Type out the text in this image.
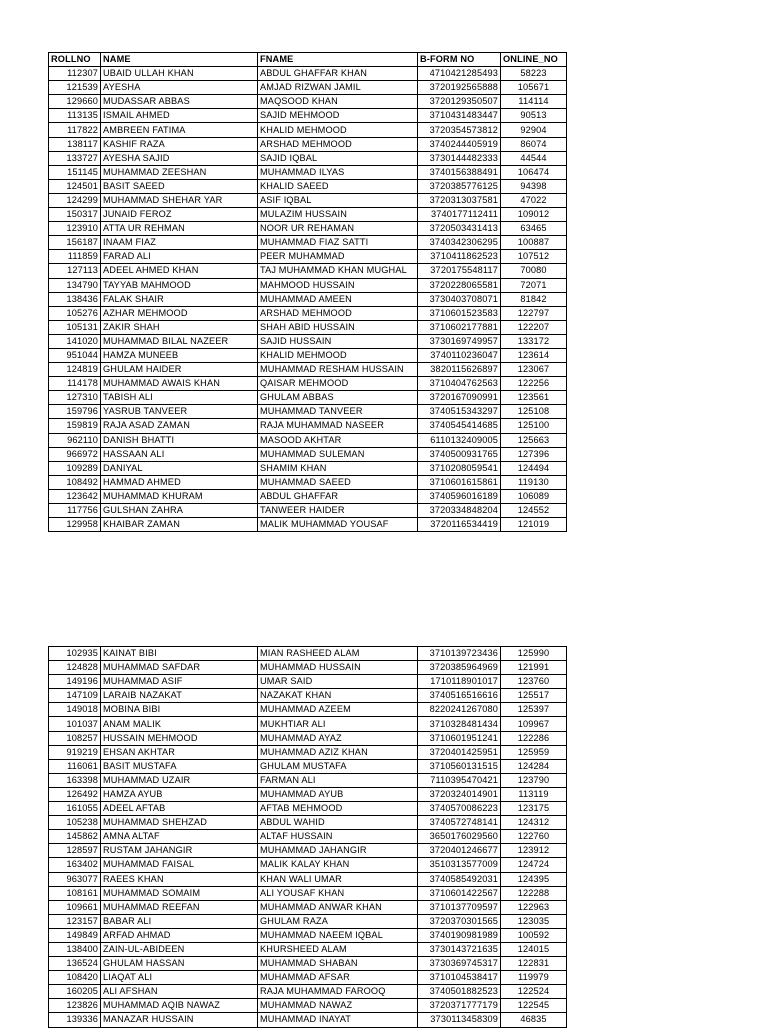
ROLLNO	NAME	FNAME	B-FORM NO	ONLINE_NO
112307	UBAID ULLAH KHAN	ABDUL GHAFFAR KHAN	4710421285493	58223
121539	AYESHA	AMJAD RIZWAN JAMIL	3720192565888	105671
129660	MUDASSAR ABBAS	MAQSOOD KHAN	3720129350507	114114
113135	ISMAIL AHMED	SAJID MEHMOOD	3710431483447	90513
117822	AMBREEN FATIMA	KHALID MEHMOOD	3720354573812	92904
138117	KASHIF RAZA	ARSHAD MEHMOOD	3740244405919	86074
133727	AYESHA SAJID	SAJID IQBAL	3730144482333	44544
151145	MUHAMMAD ZEESHAN	MUHAMMAD ILYAS	3740156388491	106474
124501	BASIT SAEED	KHALID SAEED	3720385776125	94398
124299	MUHAMMAD SHEHAR YAR	ASIF IQBAL	3720313037581	47022
150317	JUNAID FEROZ	MULAZIM HUSSAIN	3740177112411	109012
123910	ATTA UR REHMAN	NOOR UR REHAMAN	3720503431413	63465
156187	INAAM FIAZ	MUHAMMAD FIAZ SATTI	3740342306295	100887
111859	FARAD ALI	PEER MUHAMMAD	3710411862523	107512
127113	ADEEL AHMED KHAN	TAJ MUHAMMAD KHAN MUGHAL	3720175548117	70080
134790	TAYYAB MAHMOOD	MAHMOOD HUSSAIN	3720228065581	72071
138436	FALAK SHAIR	MUHAMMAD AMEEN	3730403708071	81842
105276	AZHAR MEHMOOD	ARSHAD MEHMOOD	3710601523583	122797
105131	ZAKIR SHAH	SHAH ABID HUSSAIN	3710602177881	122207
141020	MUHAMMAD BILAL NAZEER	SAJID HUSSAIN	3730169749957	133172
951044	HAMZA MUNEEB	KHALID MEHMOOD	3740110236047	123614
124819	GHULAM HAIDER	MUHAMMAD RESHAM HUSSAIN	3820115626897	123067
114178	MUHAMMAD AWAIS KHAN	QAISAR MEHMOOD	3710404762563	122256
127310	TABISH ALI	GHULAM ABBAS	3720167090991	123561
159796	YASRUB TANVEER	MUHAMMAD TANVEER	3740515343297	125108
159819	RAJA ASAD ZAMAN	RAJA MUHAMMAD NASEER	3740545414685	125100
962110	DANISH BHATTI	MASOOD AKHTAR	6110132409005	125663
966972	HASSAAN ALI	MUHAMMAD SULEMAN	3740500931765	127396
109289	DANIYAL	SHAMIM KHAN	3710208059541	124494
108492	HAMMAD AHMED	MUHAMMAD SAEED	3710601615861	119130
123642	MUHAMMAD KHURAM	ABDUL GHAFFAR	3740596016189	106089
117756	GULSHAN ZAHRA	TANWEER HAIDER	3720334848204	124552
129958	KHAIBAR ZAMAN	MALIK MUHAMMAD YOUSAF	3720116534419	121019
102935	KAINAT BIBI	MIAN RASHEED ALAM	3710139723436	125990
124828	MUHAMMAD SAFDAR	MUHAMMAD HUSSAIN	3720385964969	121991
149196	MUHAMMAD ASIF	UMAR SAID	1710118901017	123760
147109	LARAIB NAZAKAT	NAZAKAT KHAN	3740516516616	125517
149018	MOBINA BIBI	MUHAMMAD AZEEM	8220241267080	125397
101037	ANAM MALIK	MUKHTIAR ALI	3710328481434	109967
108257	HUSSAIN MEHMOOD	MUHAMMAD AYAZ	3710601951241	122286
919219	EHSAN AKHTAR	MUHAMMAD AZIZ KHAN	3720401425951	125959
116061	BASIT MUSTAFA	GHULAM MUSTAFA	3710560131515	124284
163398	MUHAMMAD UZAIR	FARMAN ALI	7110395470421	123790
126492	HAMZA AYUB	MUHAMMAD AYUB	3720324014901	113119
161055	ADEEL AFTAB	AFTAB MEHMOOD	3740570086223	123175
105238	MUHAMMAD SHEHZAD	ABDUL WAHID	3740572748141	124312
145862	AMNA ALTAF	ALTAF HUSSAIN	3650176029560	122760
128597	RUSTAM JAHANGIR	MUHAMMAD JAHANGIR	3720401246677	123912
163402	MUHAMMAD FAISAL	MALIK KALAY KHAN	3510313577009	124724
963077	RAEES KHAN	KHAN WALI UMAR	3740585492031	124395
108161	MUHAMMAD SOMAIM	ALI YOUSAF KHAN	3710601422567	122288
109661	MUHAMMAD REEFAN	MUHAMMAD ANWAR KHAN	3710137709597	122963
123157	BABAR ALI	GHULAM RAZA	3720370301565	123035
149849	ARFAD AHMAD	MUHAMMAD NAEEM IQBAL	3740190981989	100592
138400	ZAIN-UL-ABIDEEN	KHURSHEED ALAM	3730143721635	124015
136524	GHULAM HASSAN	MUHAMMAD SHABAN	3730369745317	122831
108420	LIAQAT ALI	MUHAMMAD AFSAR	3710104538417	119979
160205	ALI AFSHAN	RAJA MUHAMMAD FAROOQ	3740501882523	122524
123826	MUHAMMAD AQIB NAWAZ	MUHAMMAD NAWAZ	3720371777179	122545
139336	MANAZAR HUSSAIN	MUHAMMAD INAYAT	3730113458309	46835
